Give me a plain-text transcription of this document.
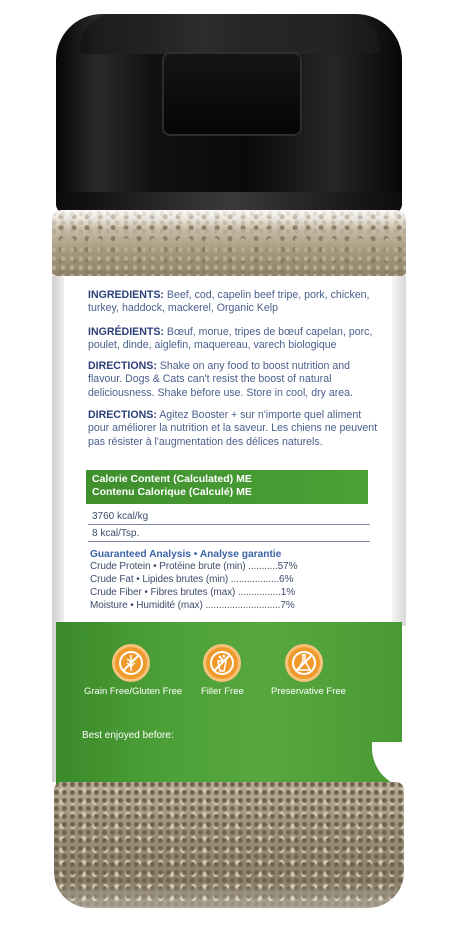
INGREDIENTS: Beef, cod, capelin beef tripe, pork, chicken, turkey, haddock, mackerel, Organic Kelp
INGRÉDIENTS: Bœuf, morue, tripes de bœuf capelan, porc, poulet, dinde, aiglefin, maquereau, varech biologique
DIRECTIONS: Shake on any food to boost nutrition and flavour. Dogs & Cats can't resist the boost of natural deliciousness. Shake before use. Store in cool, dry area.
DIRECTIONS: Agitez Booster + sur n'importe quel aliment pour améliorer la nutrition et la saveur. Les chiens ne peuvent pas résister à l'augmentation des délices naturels.
Calorie Content (Calculated) ME
Contenu Calorique (Calculé) ME
3760 kcal/kg
8 kcal/Tsp.
Guaranteed Analysis • Analyse garantie
Crude Protein • Protéine brute (min) ...........57%
Crude Fat • Lipides brutes (min) ..................6%
Crude Fiber • Fibres brutes (max) ................1%
Moisture • Humidité (max) ............................7%
Grain Free/Gluten Free Filler Free	Preservative Free
Best enjoyed before:
